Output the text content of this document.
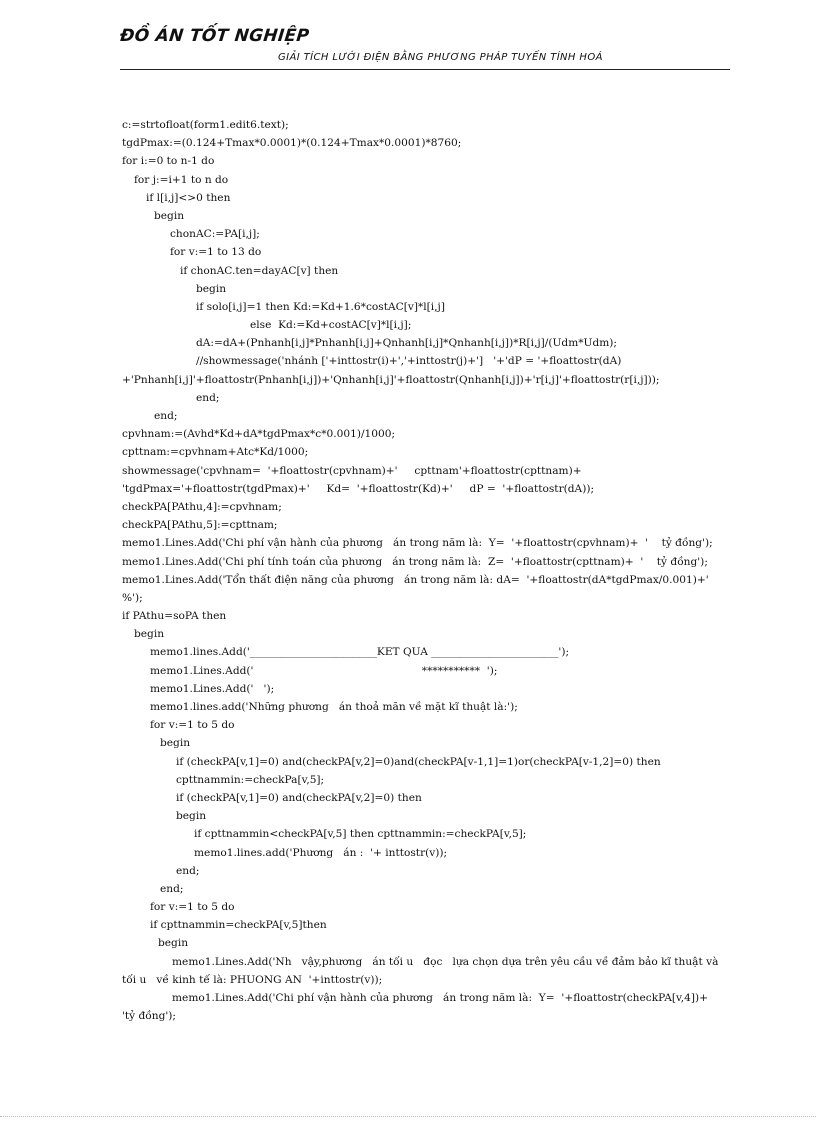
ĐỒ ÁN TỐT NGHIỆP
GIẢI TÍCH LƯỚI ĐIỆN BẰNG PHƯƠNG PHÁP TUYẾN TÍNH HOÁ
c:=strtofloat(form1.edit6.text);
tgdPmax:=(0.124+Tmax*0.0001)*(0.124+Tmax*0.0001)*8760;
for i:=0 to n-1 do
for j:=i+1 to n do
if l[i,j]<>0 then
begin
chonAC:=PA[i,j];
for v:=1 to 13 do
if chonAC.ten=dayAC[v] then
begin
if solo[i,j]=1 then Kd:=Kd+1.6*costAC[v]*l[i,j]
else  Kd:=Kd+costAC[v]*l[i,j];
dA:=dA+(Pnhanh[i,j]*Pnhanh[i,j]+Qnhanh[i,j]*Qnhanh[i,j])*R[i,j]/(Udm*Udm);
//showmessage('nhánh ['+inttostr(i)+','+inttostr(j)+']   '+'dP = '+floattostr(dA)
+'Pnhanh[i,j]'+floattostr(Pnhanh[i,j])+'Qnhanh[i,j]'+floattostr(Qnhanh[i,j])+'r[i,j]'+floattostr(r[i,j]));
end;
end;
cpvhnam:=(Avhd*Kd+dA*tgdPmax*c*0.001)/1000;
cpttnam:=cpvhnam+Atc*Kd/1000;
showmessage('cpvhnam=  '+floattostr(cpvhnam)+'     cpttnam'+floattostr(cpttnam)+
'tgdPmax='+floattostr(tgdPmax)+'     Kd=  '+floattostr(Kd)+'     dP =  '+floattostr(dA));
checkPA[PAthu,4]:=cpvhnam;
checkPA[PAthu,5]:=cpttnam;
memo1.Lines.Add('Chi phí vận hành của phương   án trong năm là:  Y=  '+floattostr(cpvhnam)+  '    tỷ đồng');
memo1.Lines.Add('Chi phí tính toán của phương   án trong năm là:  Z=  '+floattostr(cpttnam)+  '    tỷ đồng');
memo1.Lines.Add('Tổn thất điện năng của phương   án trong năm là: dA=  '+floattostr(dA*tgdPmax/0.001)+'
%');
if PAthu=soPA then
begin
memo1.lines.Add('________________________KET QUA ________________________');
memo1.Lines.Add('                                                  ***********  ');
memo1.Lines.Add('   ');
memo1.lines.add('Những phương   án thoả mãn về mặt kĩ thuật là:');
for v:=1 to 5 do
begin
if (checkPA[v,1]=0) and(checkPA[v,2]=0)and(checkPA[v-1,1]=1)or(checkPA[v-1,2]=0) then
cpttnammin:=checkPa[v,5];
if (checkPA[v,1]=0) and(checkPA[v,2]=0) then
begin
if cpttnammin<checkPA[v,5] then cpttnammin:=checkPA[v,5];
memo1.lines.add('Phương   án :  '+ inttostr(v));
end;
end;
for v:=1 to 5 do
if cpttnammin=checkPA[v,5]then
begin
memo1.Lines.Add('Nh   vậy,phương   án tối u   đọc   lựa chọn dựa trên yêu cầu về đảm bảo kĩ thuật và
tối u   về kinh tế là: PHUONG AN  '+inttostr(v));
memo1.Lines.Add('Chi phí vận hành của phương   án trong năm là:  Y=  '+floattostr(checkPA[v,4])+
'tỷ đồng');
